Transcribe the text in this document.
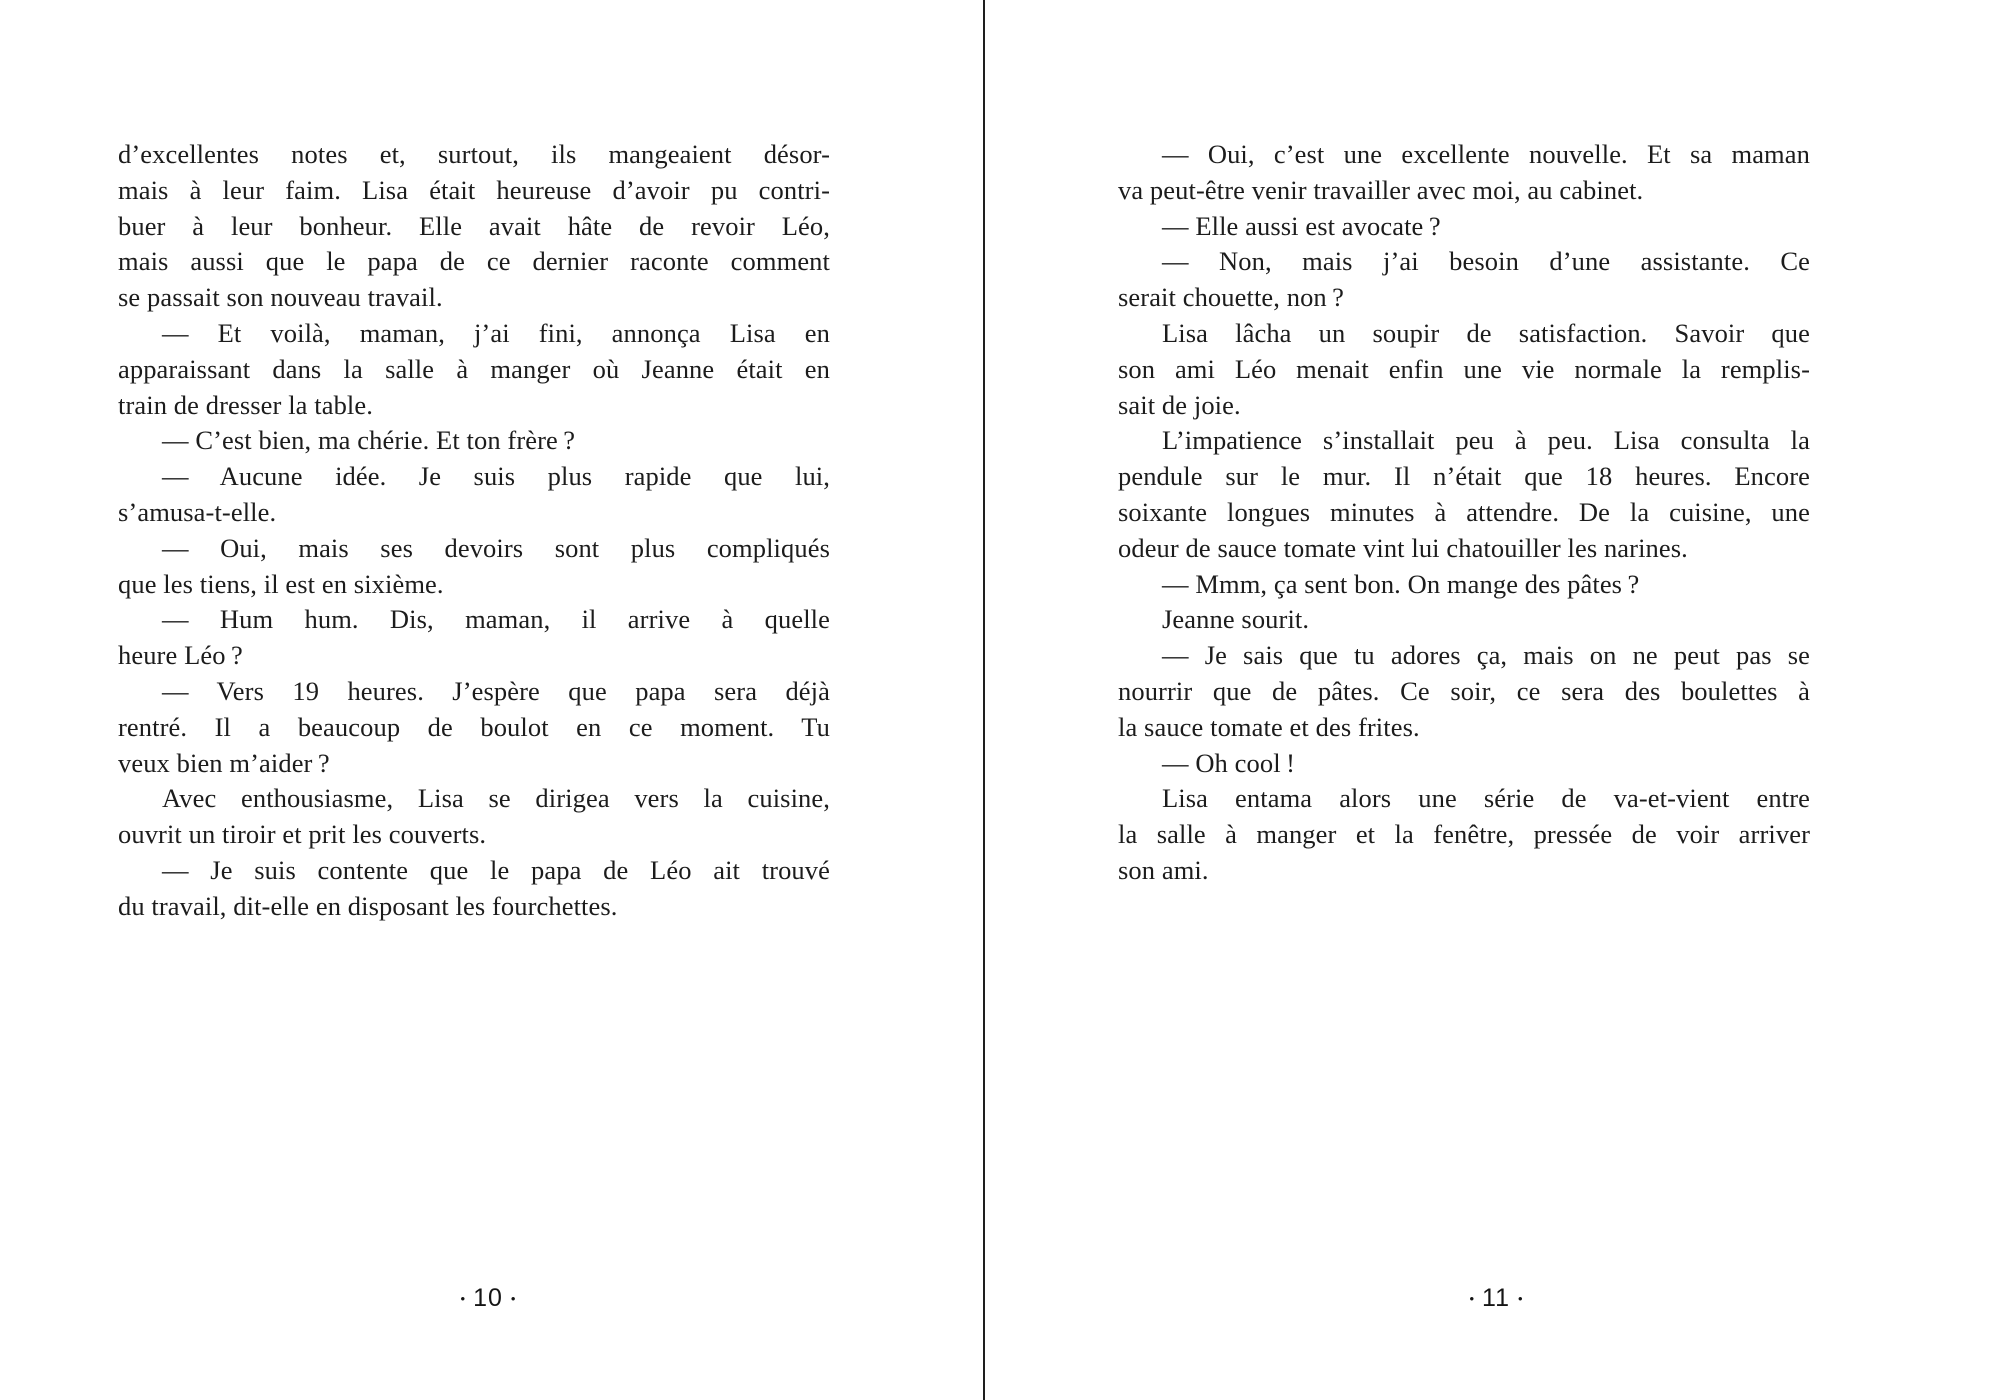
d’excellentes notes et, surtout, ils mangeaient désor-
mais à leur faim. Lisa était heureuse d’avoir pu contri-
buer à leur bonheur. Elle avait hâte de revoir Léo,
mais aussi que le papa de ce dernier raconte comment
se passait son nouveau travail.
— Et voilà, maman, j’ai fini, annonça Lisa en
apparaissant dans la salle à manger où Jeanne était en
train de dresser la table.
— C’est bien, ma chérie. Et ton frère ?
— Aucune idée. Je suis plus rapide que lui,
s’amusa-t-elle.
— Oui, mais ses devoirs sont plus compliqués
que les tiens, il est en sixième.
— Hum hum. Dis, maman, il arrive à quelle
heure Léo ?
— Vers 19 heures. J’espère que papa sera déjà
rentré. Il a beaucoup de boulot en ce moment. Tu
veux bien m’aider ?
Avec enthousiasme, Lisa se dirigea vers la cuisine,
ouvrit un tiroir et prit les couverts.
— Je suis contente que le papa de Léo ait trouvé
du travail, dit-elle en disposant les fourchettes.
— Oui, c’est une excellente nouvelle. Et sa maman
va peut-être venir travailler avec moi, au cabinet.
— Elle aussi est avocate ?
— Non, mais j’ai besoin d’une assistante. Ce
serait chouette, non ?
Lisa lâcha un soupir de satisfaction. Savoir que
son ami Léo menait enfin une vie normale la remplis-
sait de joie.
L’impatience s’installait peu à peu. Lisa consulta la
pendule sur le mur. Il n’était que 18 heures. Encore
soixante longues minutes à attendre. De la cuisine, une
odeur de sauce tomate vint lui chatouiller les narines.
— Mmm, ça sent bon. On mange des pâtes ?
Jeanne sourit.
— Je sais que tu adores ça, mais on ne peut pas se
nourrir que de pâtes. Ce soir, ce sera des boulettes à
la sauce tomate et des frites.
— Oh cool !
Lisa entama alors une série de va-et-vient entre
la salle à manger et la fenêtre, pressée de voir arriver
son ami.
• 10 •	• 11 •
